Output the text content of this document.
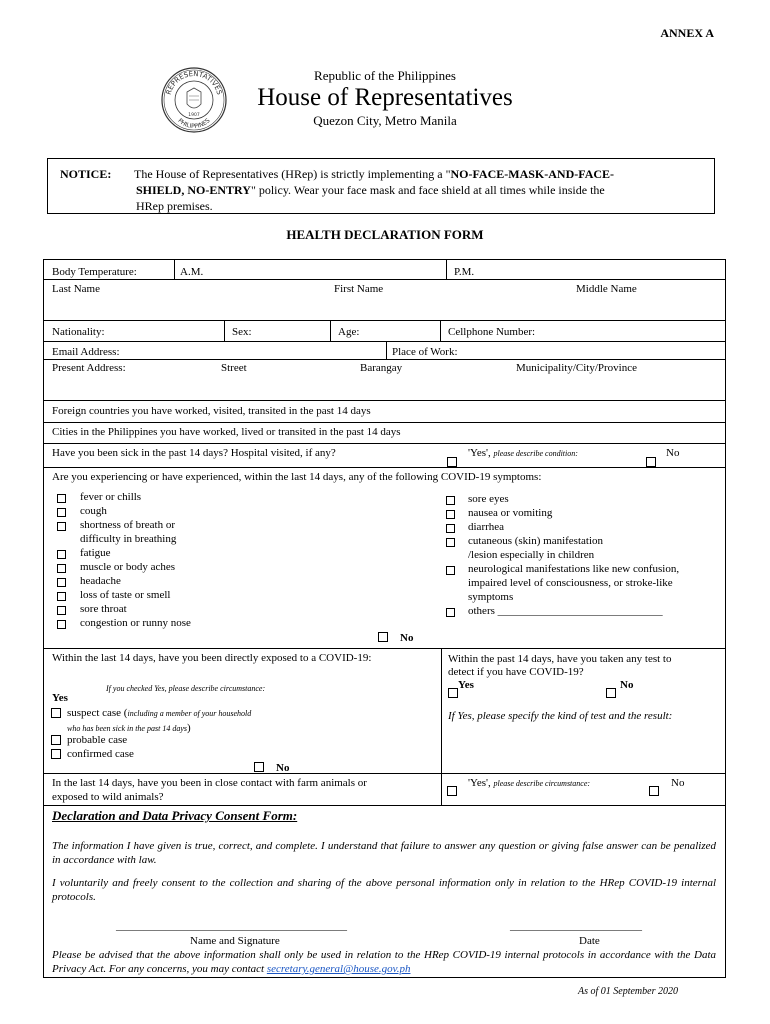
ANNEX A
REPRESENTATIVES
PHILIPPINES
1907
Republic of the Philippines
House of Representatives
Quezon City, Metro Manila
NOTICE: The House of Representatives (HRep) is strictly implementing a "NO-FACE-MASK-AND-FACE-
SHIELD, NO-ENTRY" policy. Wear your face mask and face shield at all times while inside the
HRep premises.
HEALTH DECLARATION FORM
Body Temperature:	A.M.	P.M.
Last Name	First Name	Middle Name
Nationality:	Sex:	Age:	Cellphone Number:
Email Address:	Place of Work:
Present Address:	Street	Barangay	Municipality/City/Province
Foreign countries you have worked, visited, transited in the past 14 days
Cities in the Philippines you have worked, lived or transited in the past 14 days
Have you been sick in the past 14 days? Hospital visited, if any?	'Yes', please describe condition:	No
Are you experiencing or have experienced, within the last 14 days, any of the following COVID-19 symptoms:
No
Within the last 14 days, have you been directly exposed to a COVID-19:
If you checked Yes, please describe circumstance:
Yes
suspect case (including a member of your household
who has been sick in the past 14 days)
probable case
confirmed case
No
Within the past 14 days, have you taken any test to
detect if you have COVID-19?
Yes	No
If Yes, please specify the kind of test and the result:
In the last 14 days, have you been in close contact with farm animals or
exposed to wild animals?
'Yes', please describe circumstance:	No
Declaration and Data Privacy Consent Form:
The information I have given is true, correct, and complete. I understand that failure to answer any question or giving false answer can be penalized in accordance with law.
I voluntarily and freely consent to the collection and sharing of the above personal information only in relation to the HRep COVID-19 internal protocols.
__________________________________________	________________________
Name and Signature	Date
Please be advised that the above information shall only be used in relation to the HRep COVID-19 internal protocols in accordance with the Data Privacy Act. For any concerns, you may contact secretary.general@house.gov.ph
fever or chills
cough
shortness of breath or
difficulty in breathing
fatigue
muscle or body aches
headache
loss of taste or smell
sore throat
congestion or runny nose
sore eyes
nausea or vomiting
diarrhea
cutaneous (skin) manifestation
/lesion especially in children
neurological manifestations like new confusion,
impaired level of consciousness, or stroke-like
symptoms
others ______________________________
As of 01 September 2020
